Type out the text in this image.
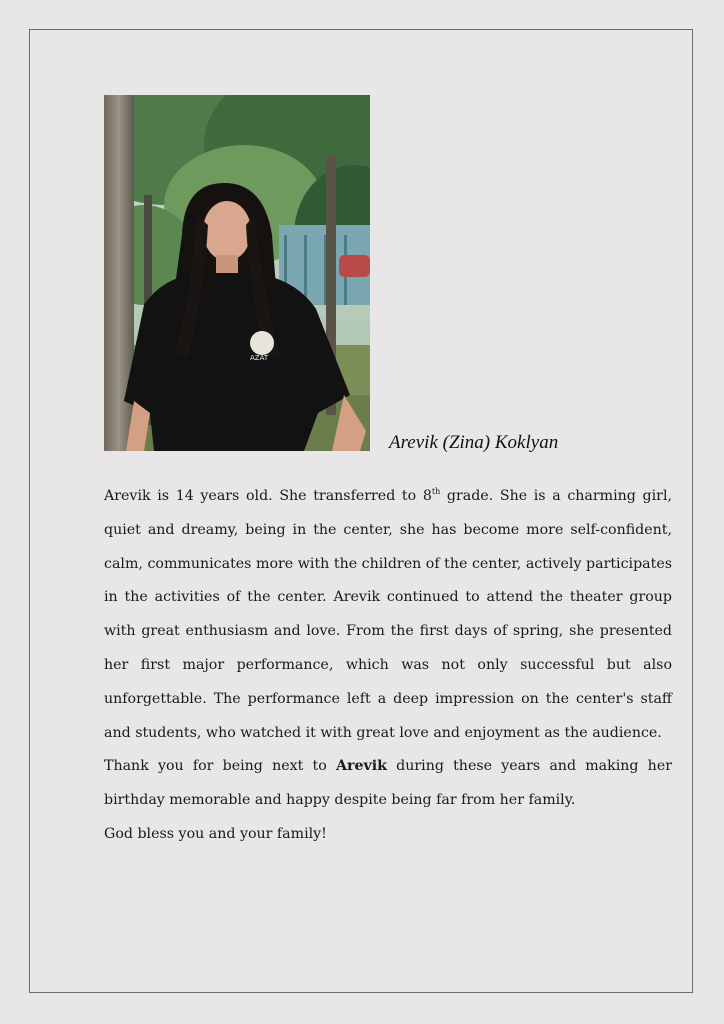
AZAT
Arevik (Zina) Koklyan

Arevik is 14 years old. She transferred to 8th grade. She is a charming girl, quiet and dreamy, being in the center, she has become more self-confident, calm, communicates more with the children of the center, actively participates in the activities of the center. Arevik continued to attend the theater group with great enthusiasm and love. From the first days of spring, she presented her first major performance, which was not only successful but also unforgettable. The performance left a deep impression on the center's staff and students, who watched it with great love and enjoyment as the audience.

Thank you for being next to Arevik during these years and making her birthday memorable and happy despite being far from her family.

God bless you and your family!
